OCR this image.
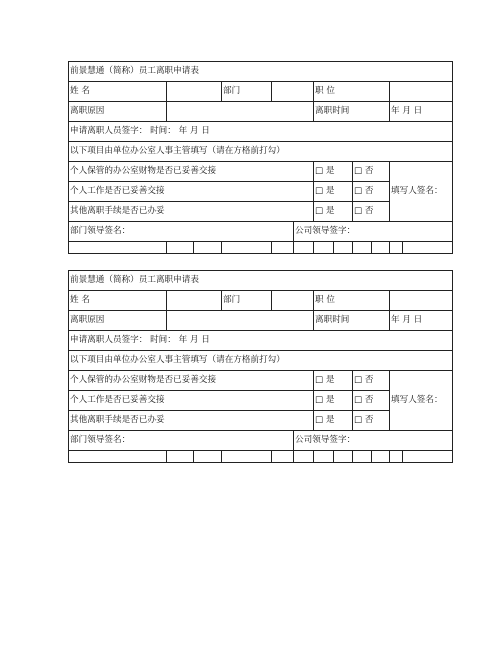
前景慧通（简称）员工离职申请表											
姓 名			部门			职 位					
离职原因						离职时间				年 月 日	
申请离职人员签字： 时间： 年 月 日											
以下项目由单位办公室人事主管填写（请在方格前打勾）											
个人保管的办公室财物是否已妥善交接						□ 是		□ 否		填写人签名：	
个人工作是否已妥善交接						□ 是		□ 否			
其他离职手续是否已办妥						□ 是		□ 否			
部门领导签名：					公司领导签字：						

前景慧通（简称）员工离职申请表											
姓 名			部门			职 位					
离职原因						离职时间				年 月 日	
申请离职人员签字： 时间： 年 月 日											
以下项目由单位办公室人事主管填写（请在方格前打勾）											
个人保管的办公室财物是否已妥善交接						□ 是		□ 否		填写人签名：	
个人工作是否已妥善交接						□ 是		□ 否			
其他离职手续是否已办妥						□ 是		□ 否			
部门领导签名：					公司领导签字：						
